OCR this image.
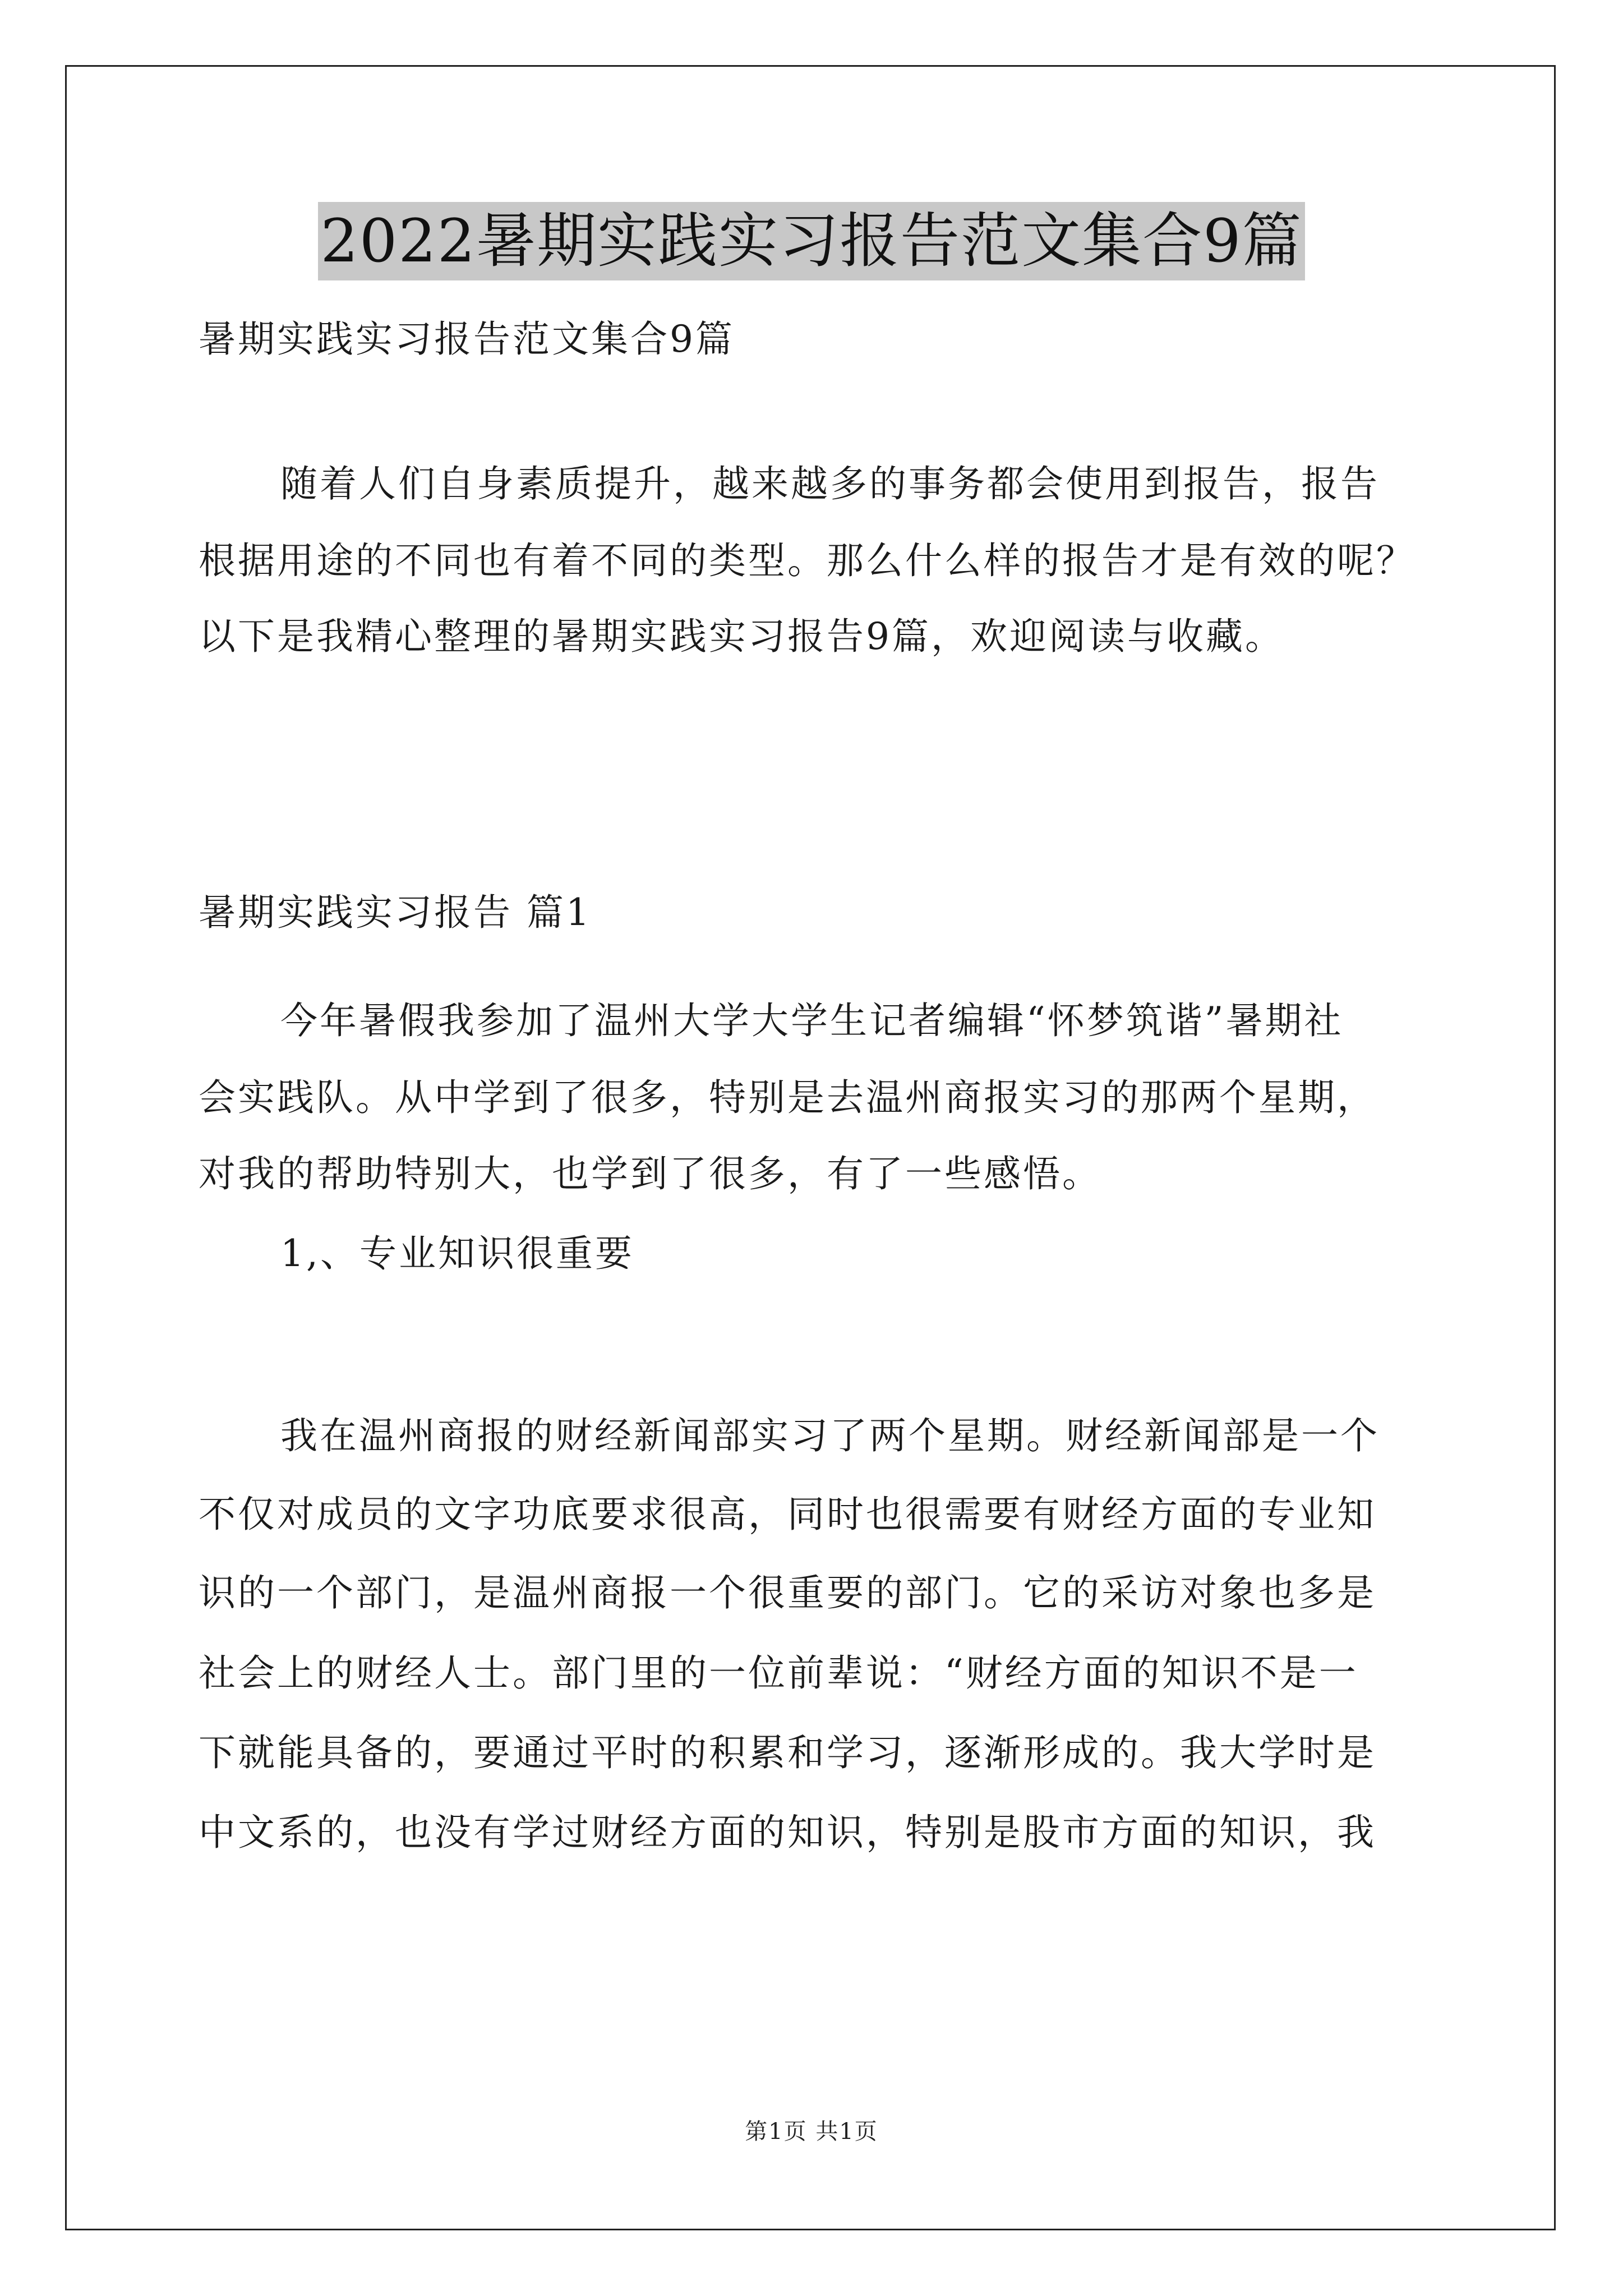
2022暑期实践实习报告范文集合9篇
暑期实践实习报告范文集合9篇
随着人们自身素质提升，越来越多的事务都会使用到报告，报告
根据用途的不同也有着不同的类型。那么什么样的报告才是有效的呢？
以下是我精心整理的暑期实践实习报告9篇，欢迎阅读与收藏。
暑期实践实习报告 篇1
今年暑假我参加了温州大学大学生记者编辑“怀梦筑谐”暑期社
会实践队。从中学到了很多，特别是去温州商报实习的那两个星期，
对我的帮助特别大，也学到了很多，有了一些感悟。
1,、专业知识很重要
我在温州商报的财经新闻部实习了两个星期。财经新闻部是一个
不仅对成员的文字功底要求很高，同时也很需要有财经方面的专业知
识的一个部门，是温州商报一个很重要的部门。它的采访对象也多是
社会上的财经人士。部门里的一位前辈说：“财经方面的知识不是一
下就能具备的，要通过平时的积累和学习，逐渐形成的。我大学时是
中文系的，也没有学过财经方面的知识，特别是股市方面的知识，我
第1页 共1页
